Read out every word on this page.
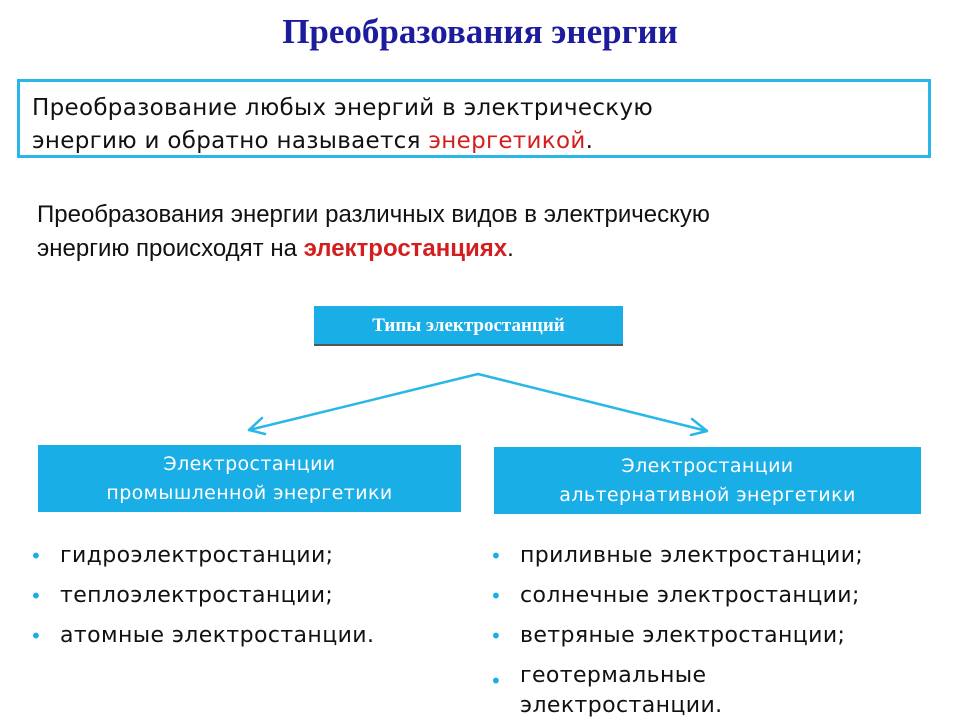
Преобразования энергии
Преобразование любых энергий в электрическую
энергию и обратно называется энергетикой.
Преобразования энергии различных видов в электрическую
энергию происходят на электростанциях.
Типы электростанций
Электростанции
промышленной энергетики
Электростанции
альтернативной энергетики
• гидроэлектростанции;
• теплоэлектростанции;
• атомные электростанции.
• приливные электростанции;
• солнечные электростанции;
• ветряные электростанции;
• геотермальные
электростанции.
